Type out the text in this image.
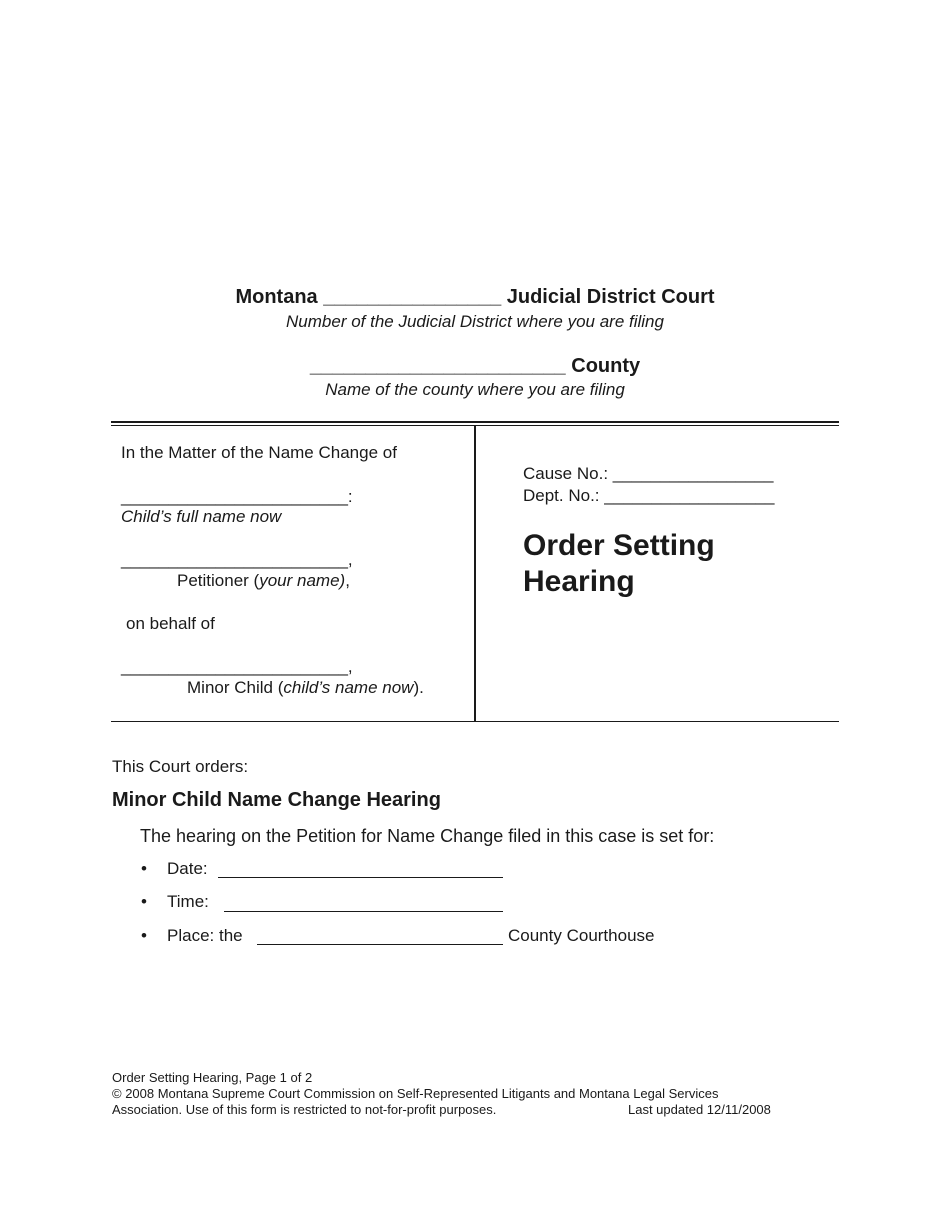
Montana ________________ Judicial District Court
Number of the Judicial District where you are filing
_______________________ County
Name of the county where you are filing
In the Matter of the Name Change of
________________________:
Child’s full name now
________________________,
Petitioner (your name),
on behalf of
________________________,
Minor Child (child’s name now).
Cause No.: _________________
Dept. No.: __________________
Order Setting
Hearing
This Court orders:
Minor Child Name Change Hearing
The hearing on the Petition for Name Change filed in this case is set for:
• Date:
• Time:
• Place: the	County Courthouse
Order Setting Hearing, Page 1 of 2
© 2008 Montana Supreme Court Commission on Self-Represented Litigants and Montana Legal Services
Association. Use of this form is restricted to not-for-profit purposes.	Last updated 12/11/2008
